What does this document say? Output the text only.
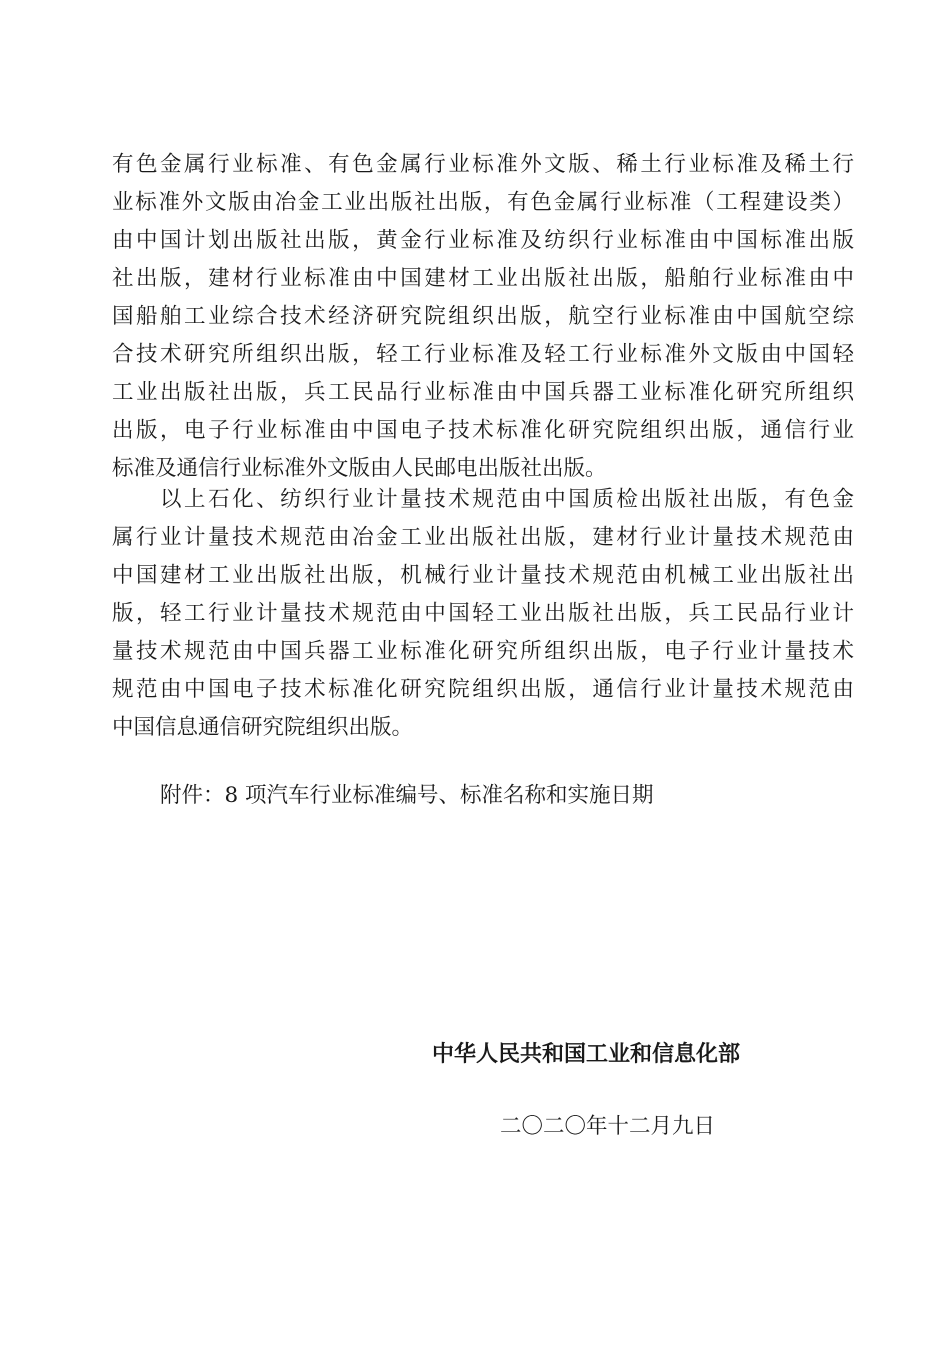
有色金属行业标准、有色金属行业标准外文版、稀土行业标准及稀土行
业标准外文版由冶金工业出版社出版，有色金属行业标准（工程建设类）
由中国计划出版社出版，黄金行业标准及纺织行业标准由中国标准出版
社出版，建材行业标准由中国建材工业出版社出版，船舶行业标准由中
国船舶工业综合技术经济研究院组织出版，航空行业标准由中国航空综
合技术研究所组织出版，轻工行业标准及轻工行业标准外文版由中国轻
工业出版社出版，兵工民品行业标准由中国兵器工业标准化研究所组织
出版，电子行业标准由中国电子技术标准化研究院组织出版，通信行业
标准及通信行业标准外文版由人民邮电出版社出版。
　　以上石化、纺织行业计量技术规范由中国质检出版社出版，有色金
属行业计量技术规范由冶金工业出版社出版，建材行业计量技术规范由
中国建材工业出版社出版，机械行业计量技术规范由机械工业出版社出
版，轻工行业计量技术规范由中国轻工业出版社出版，兵工民品行业计
量技术规范由中国兵器工业标准化研究所组织出版，电子行业计量技术
规范由中国电子技术标准化研究院组织出版，通信行业计量技术规范由
中国信息通信研究院组织出版。
附件：8 项汽车行业标准编号、标准名称和实施日期
中华人民共和国工业和信息化部
二〇二〇年十二月九日
